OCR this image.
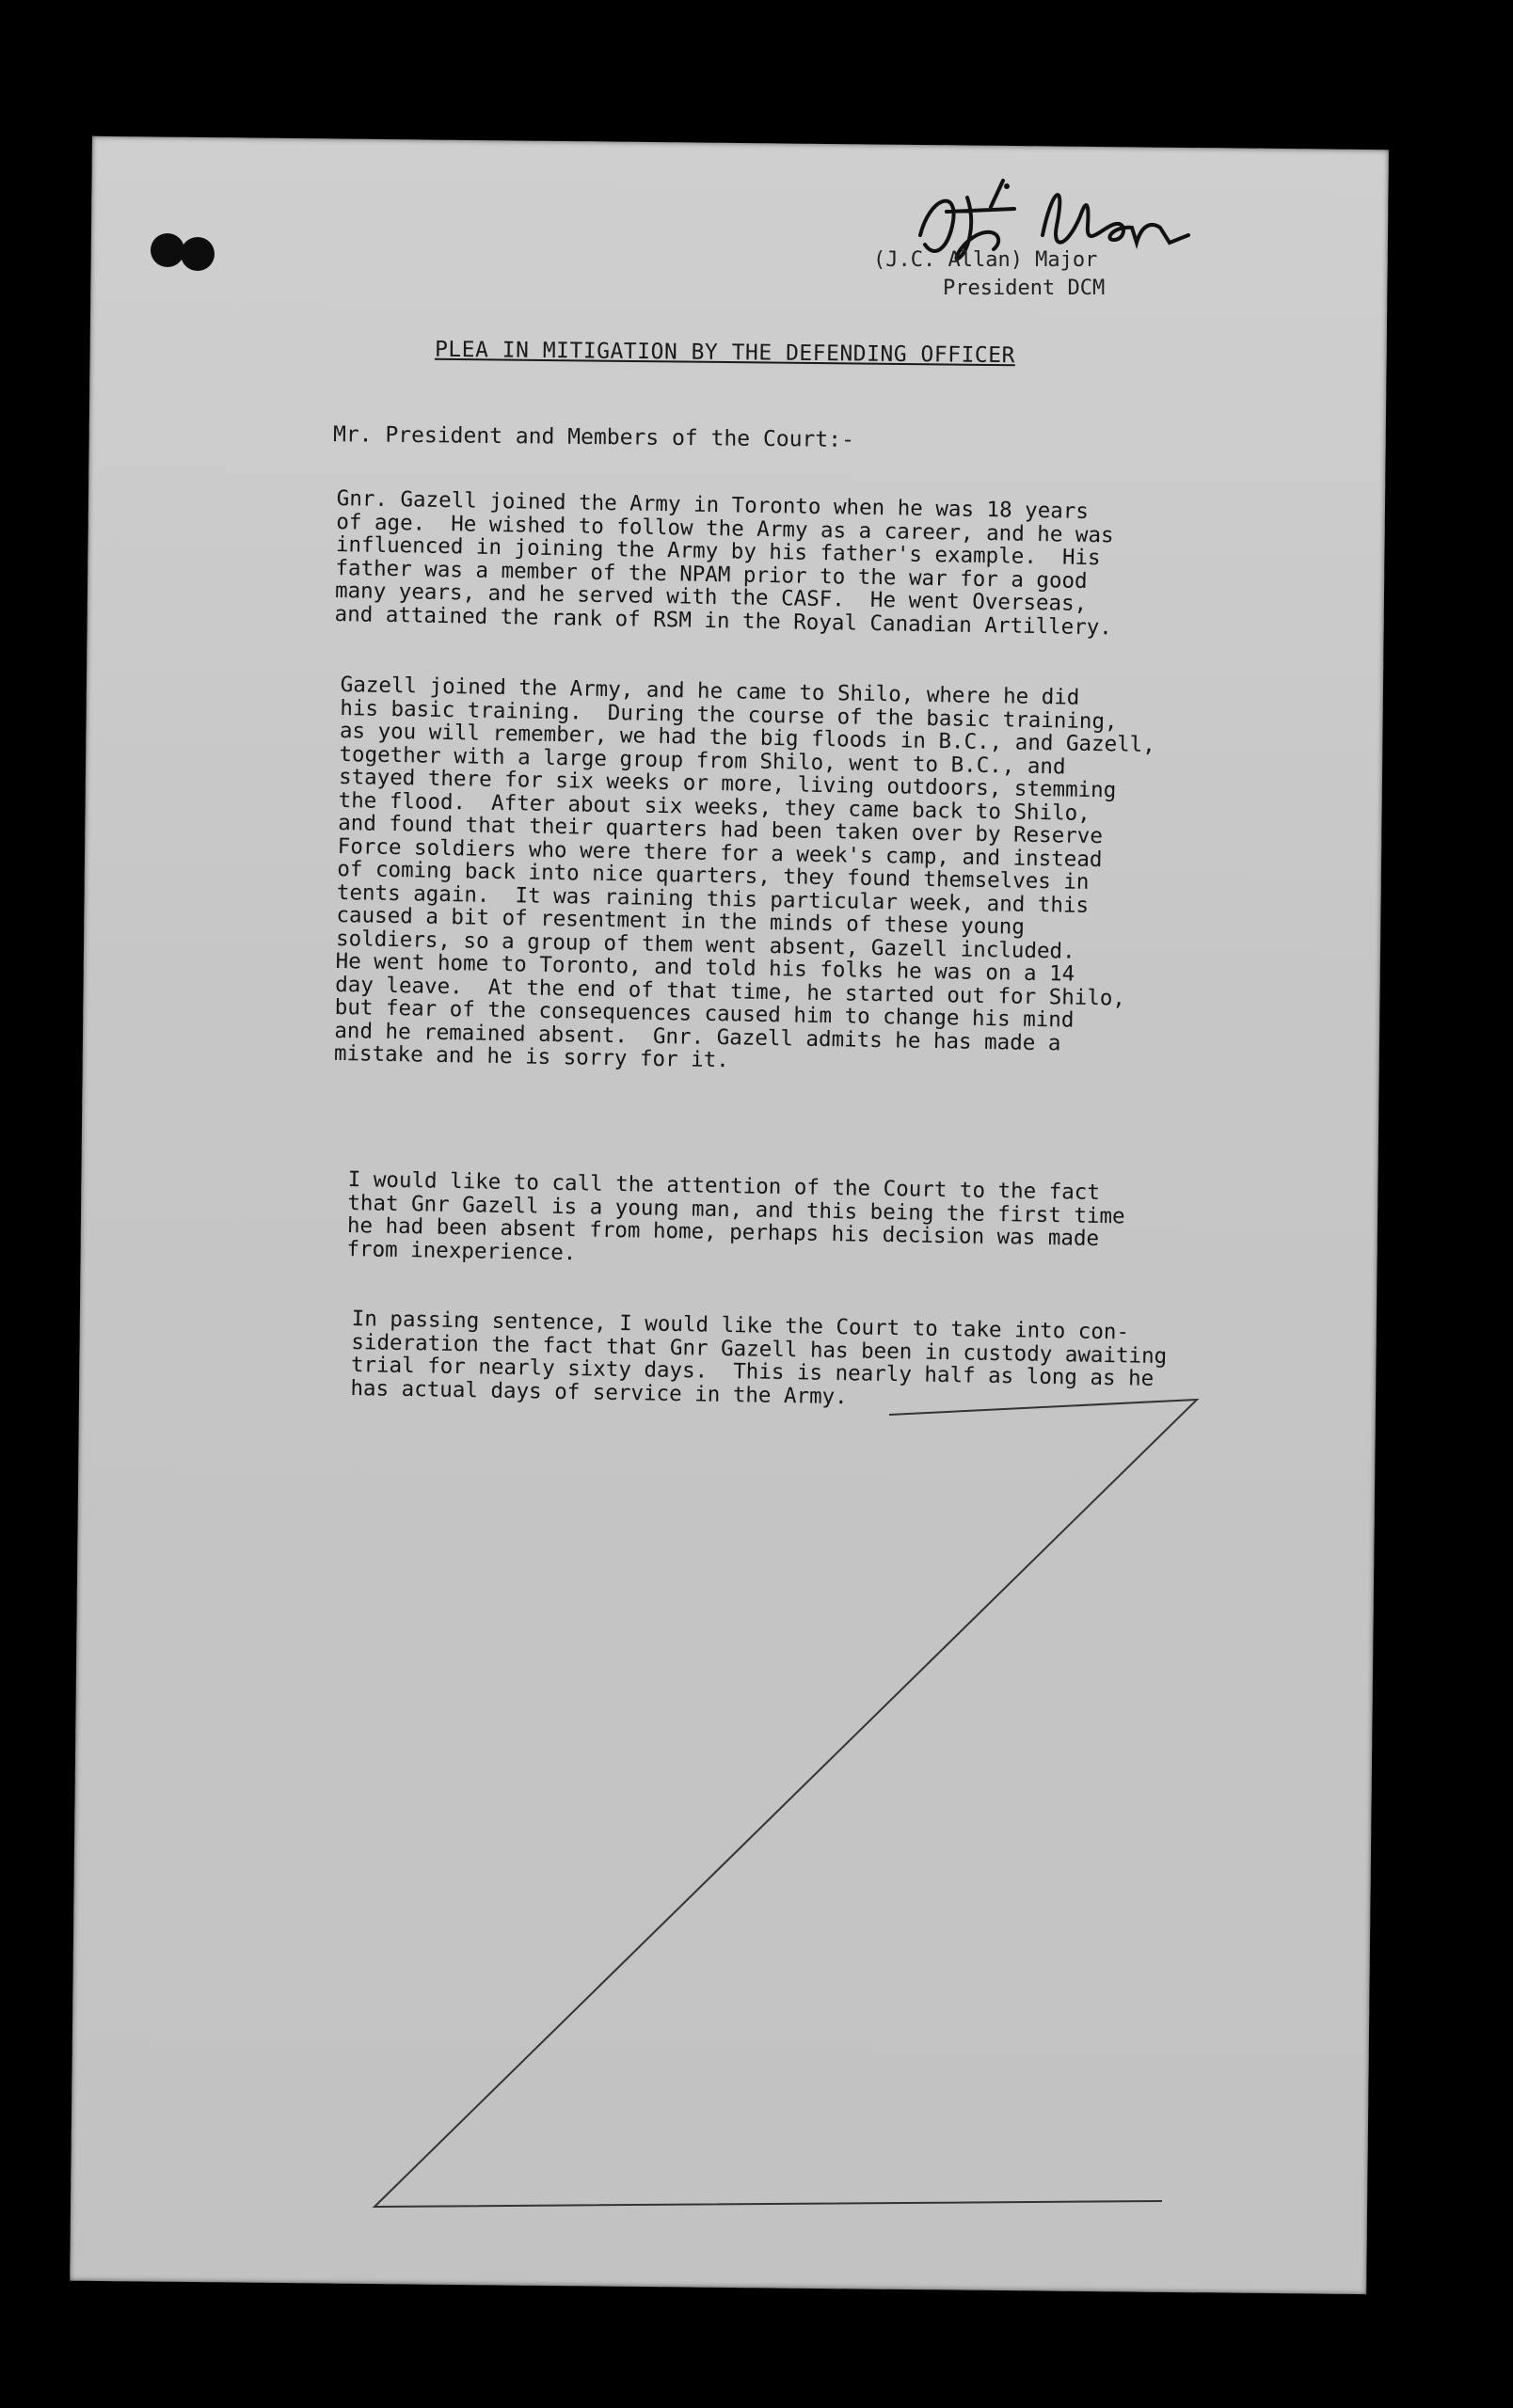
(J.C. Allan) Major
President DCM
PLEA IN MITIGATION BY THE DEFENDING OFFICER
Mr. President and Members of the Court:-
Gnr. Gazell joined the Army in Toronto when he was 18 years
of age.  He wished to follow the Army as a career, and he was
influenced in joining the Army by his father's example.  His
father was a member of the NPAM prior to the war for a good
many years, and he served with the CASF.  He went Overseas,
and attained the rank of RSM in the Royal Canadian Artillery.
Gazell joined the Army, and he came to Shilo, where he did
his basic training.  During the course of the basic training,
as you will remember, we had the big floods in B.C., and Gazell,
together with a large group from Shilo, went to B.C., and
stayed there for six weeks or more, living outdoors, stemming
the flood.  After about six weeks, they came back to Shilo,
and found that their quarters had been taken over by Reserve
Force soldiers who were there for a week's camp, and instead
of coming back into nice quarters, they found themselves in
tents again.  It was raining this particular week, and this
caused a bit of resentment in the minds of these young
soldiers, so a group of them went absent, Gazell included.
He went home to Toronto, and told his folks he was on a 14
day leave.  At the end of that time, he started out for Shilo,
but fear of the consequences caused him to change his mind
and he remained absent.  Gnr. Gazell admits he has made a
mistake and he is sorry for it.
I would like to call the attention of the Court to the fact
that Gnr Gazell is a young man, and this being the first time
he had been absent from home, perhaps his decision was made
from inexperience.
In passing sentence, I would like the Court to take into con-
sideration the fact that Gnr Gazell has been in custody awaiting
trial for nearly sixty days.  This is nearly half as long as he
has actual days of service in the Army.
